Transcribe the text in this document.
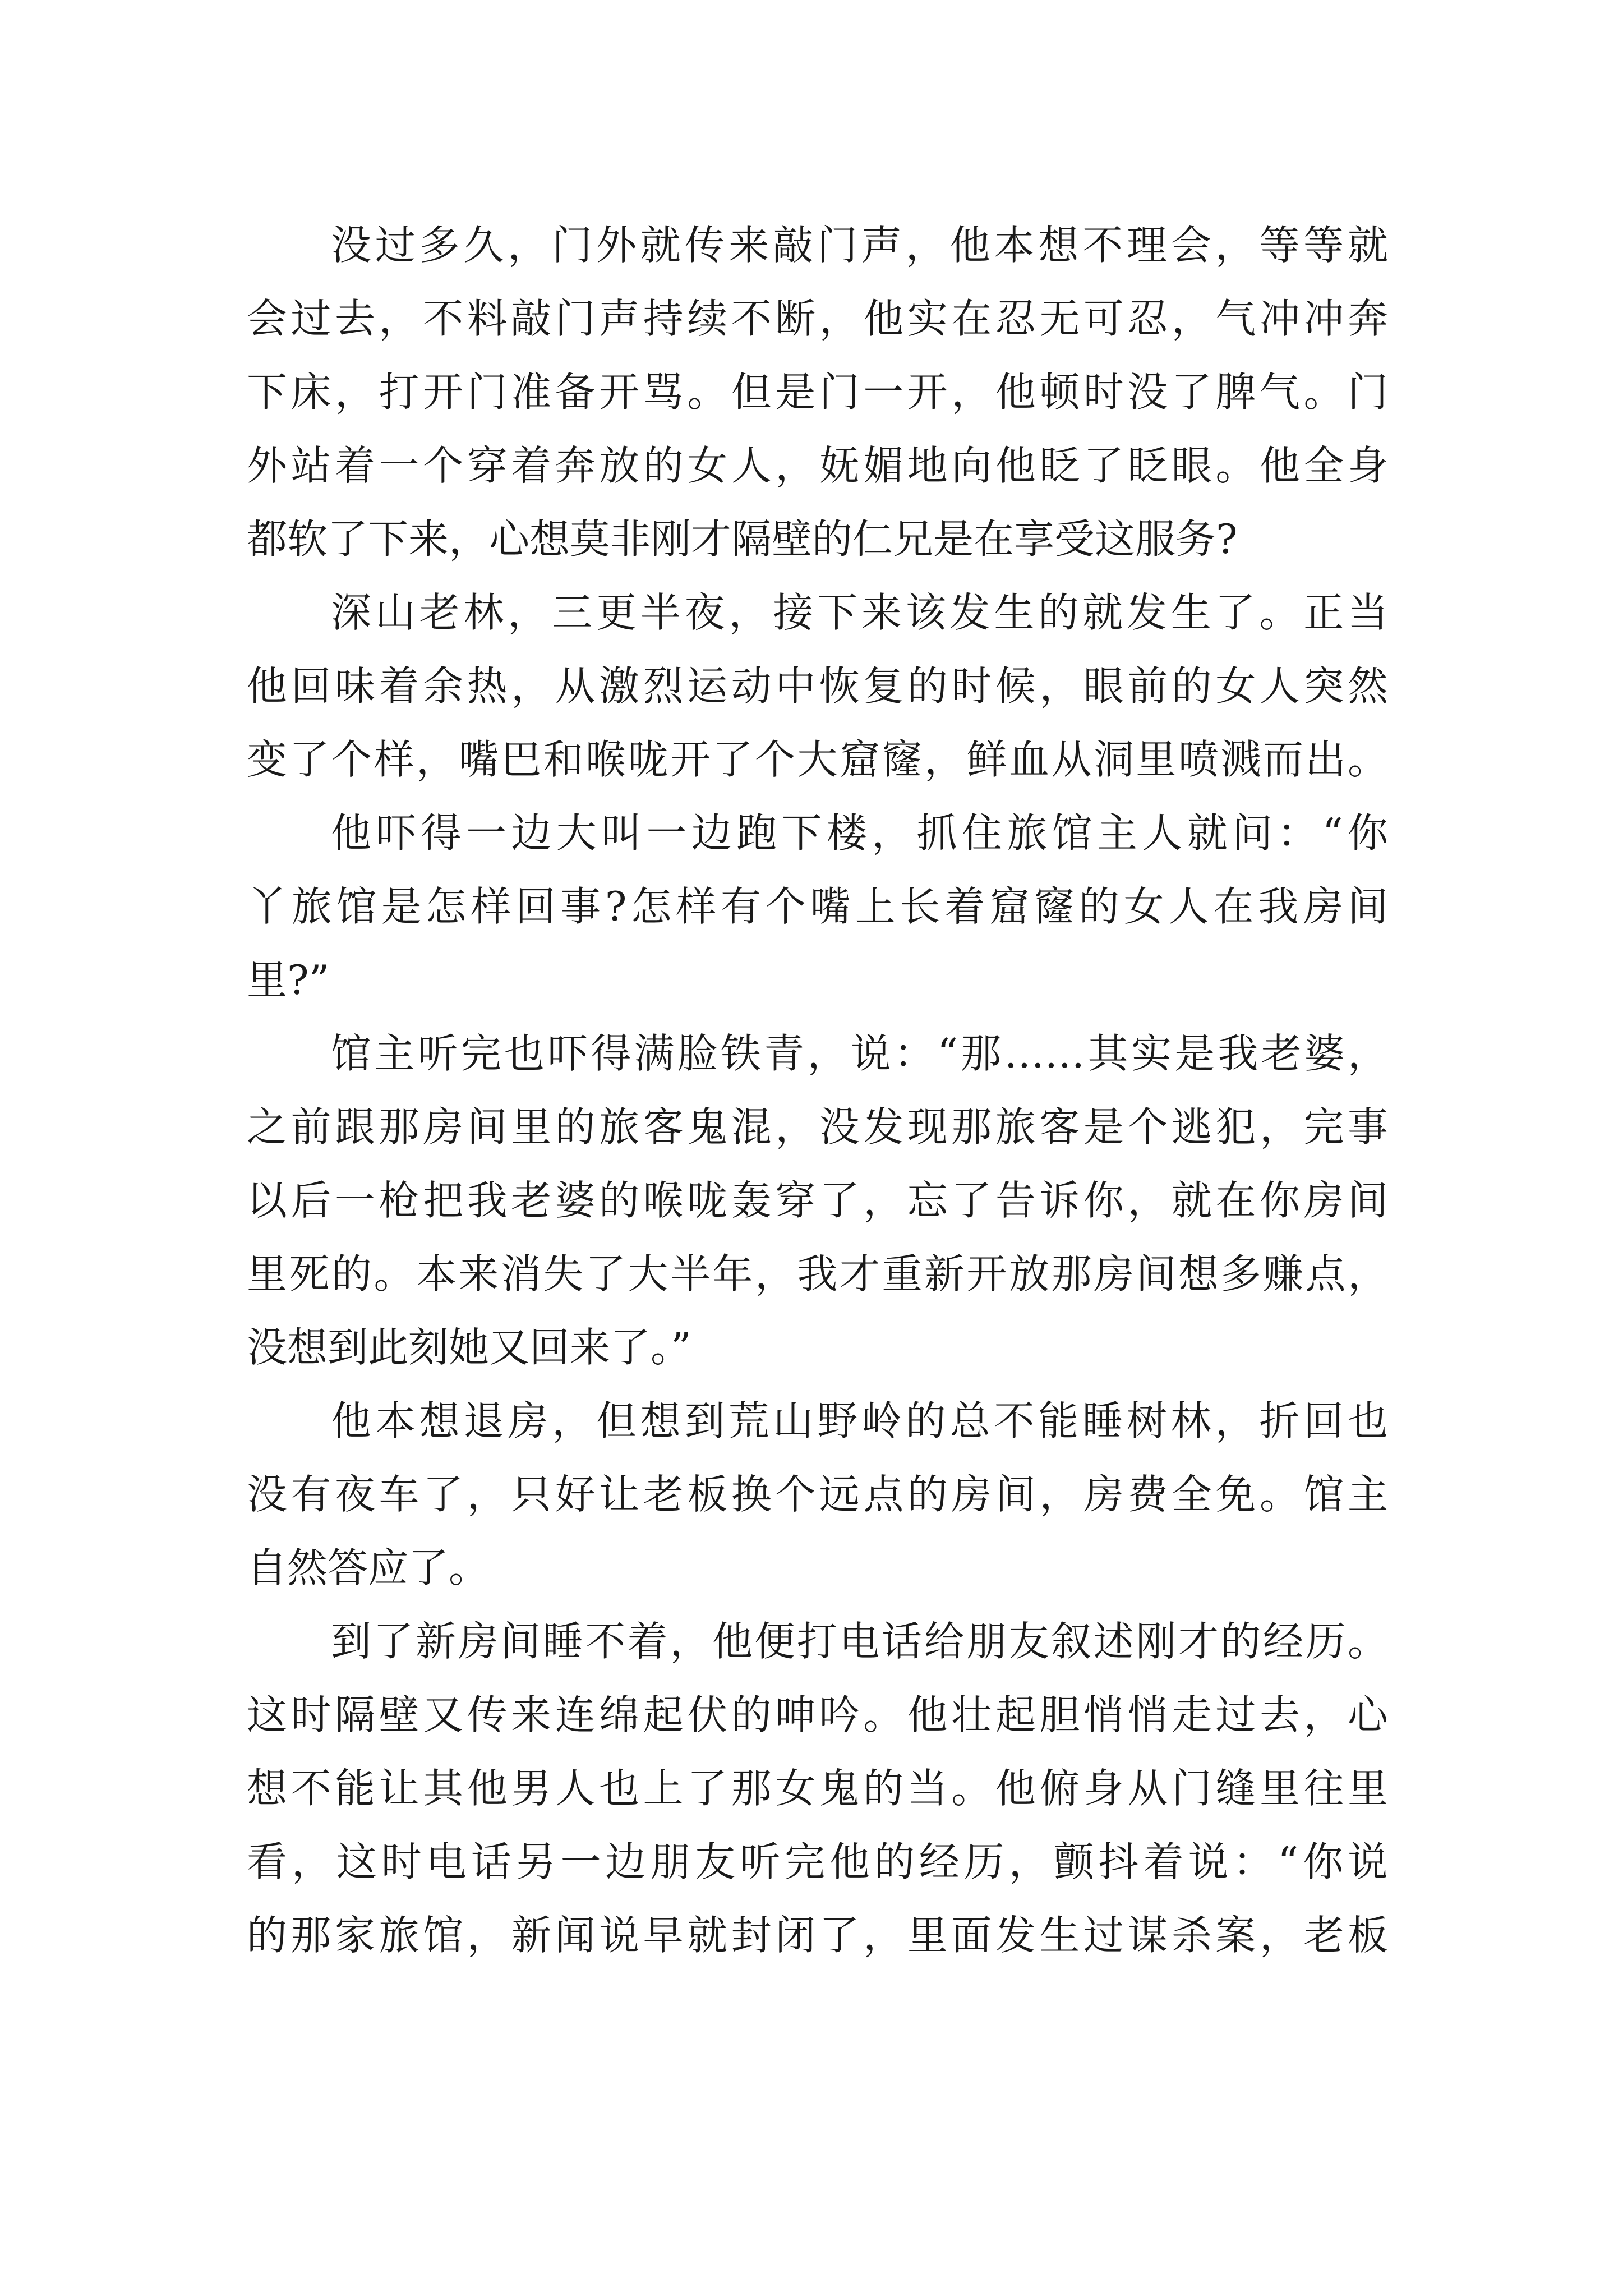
没过多久，门外就传来敲门声，他本想不理会，等等就
会过去，不料敲门声持续不断，他实在忍无可忍，气冲冲奔
下床，打开门准备开骂。但是门一开，他顿时没了脾气。门
外站着一个穿着奔放的女人，妩媚地向他眨了眨眼。他全身
都软了下来，心想莫非刚才隔壁的仁兄是在享受这服务?
深山老林，三更半夜，接下来该发生的就发生了。正当
他回味着余热，从激烈运动中恢复的时候，眼前的女人突然
变了个样，嘴巴和喉咙开了个大窟窿，鲜血从洞里喷溅而出。
他吓得一边大叫一边跑下楼，抓住旅馆主人就问：“你
丫旅馆是怎样回事?怎样有个嘴上长着窟窿的女人在我房间
里?”
馆主听完也吓得满脸铁青，说：“那……其实是我老婆，
之前跟那房间里的旅客鬼混，没发现那旅客是个逃犯，完事
以后一枪把我老婆的喉咙轰穿了，忘了告诉你，就在你房间
里死的。本来消失了大半年，我才重新开放那房间想多赚点，
没想到此刻她又回来了。”
他本想退房，但想到荒山野岭的总不能睡树林，折回也
没有夜车了，只好让老板换个远点的房间，房费全免。馆主
自然答应了。
到了新房间睡不着，他便打电话给朋友叙述刚才的经历。
这时隔壁又传来连绵起伏的呻吟。他壮起胆悄悄走过去，心
想不能让其他男人也上了那女鬼的当。他俯身从门缝里往里
看，这时电话另一边朋友听完他的经历，颤抖着说：“你说
的那家旅馆，新闻说早就封闭了，里面发生过谋杀案，老板
